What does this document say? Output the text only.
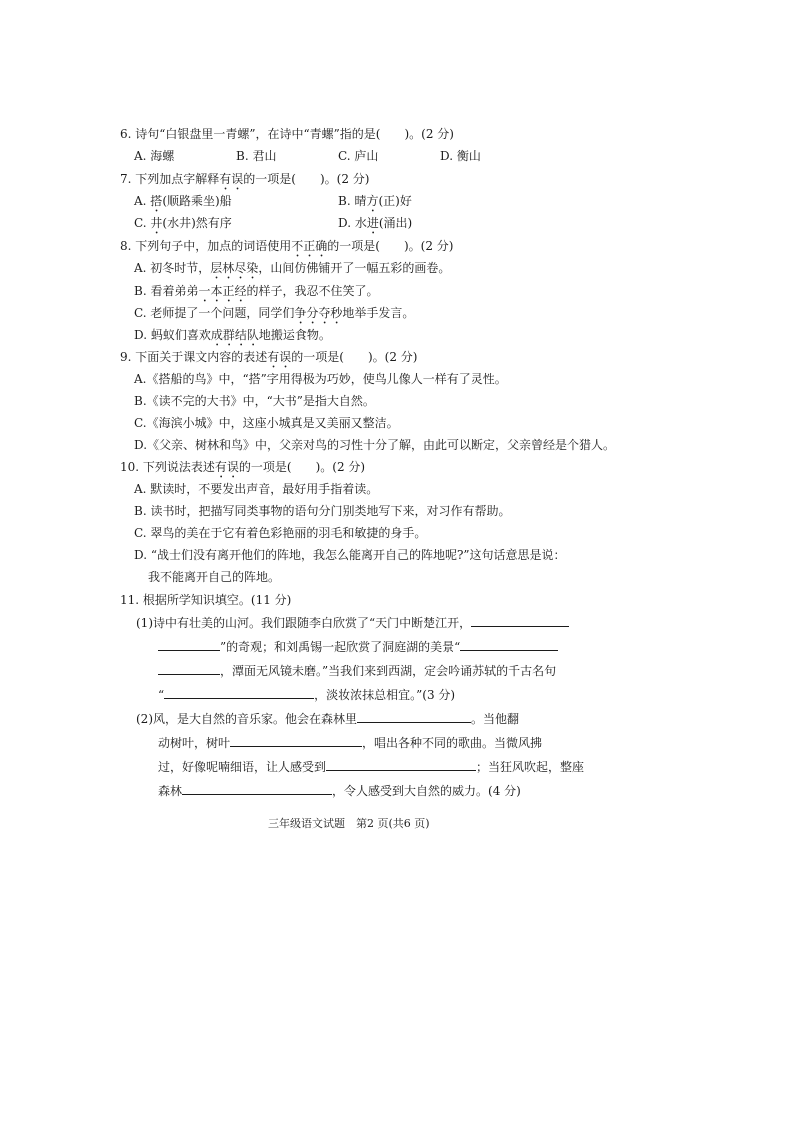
6. 诗句“白银盘里一青螺”，在诗中“青螺”指的是(　　)。(2 分)
A. 海螺	B. 君山	C. 庐山	D. 衡山
7. 下列加点字解释有误的一项是(　　)。(2 分)
A. 搭(顺路乘坐)船	B. 晴方(正)好
C. 井(水井)然有序	D. 水进(涌出)
8. 下列句子中，加点的词语使用不正确的一项是(　　)。(2 分)
A. 初冬时节，层林尽染，山间仿佛铺开了一幅五彩的画卷。
B. 看着弟弟一本正经的样子，我忍不住笑了。
C. 老师提了一个问题，同学们争分夺秒地举手发言。
D. 蚂蚁们喜欢成群结队地搬运食物。
9. 下面关于课文内容的表述有误的一项是(　　)。(2 分)
A.《搭船的鸟》中，“搭”字用得极为巧妙，使鸟儿像人一样有了灵性。
B.《读不完的大书》中，“大书”是指大自然。
C.《海滨小城》中，这座小城真是又美丽又整洁。
D.《父亲、树林和鸟》中，父亲对鸟的习性十分了解，由此可以断定，父亲曾经是个猎人。
10. 下列说法表述有误的一项是(　　)。(2 分)
A. 默读时，不要发出声音，最好用手指着读。
B. 读书时，把描写同类事物的语句分门别类地写下来，对习作有帮助。
C. 翠鸟的美在于它有着色彩艳丽的羽毛和敏捷的身手。
D. “战士们没有离开他们的阵地，我怎么能离开自己的阵地呢?”这句话意思是说：
我不能离开自己的阵地。
11. 根据所学知识填空。(11 分)
(1)诗中有壮美的山河。我们跟随李白欣赏了“天门中断楚江开，
”的奇观；和刘禹锡一起欣赏了洞庭湖的美景“
，潭面无风镜未磨。”当我们来到西湖，定会吟诵苏轼的千古名句
“	，淡妆浓抹总相宜。”(3 分)
(2)风，是大自然的音乐家。他会在森林里	。当他翻
动树叶，树叶	，唱出各种不同的歌曲。当微风拂
过，好像呢喃细语，让人感受到	；当狂风吹起，整座
森林	，令人感受到大自然的威力。(4 分)
三年级语文试题　第2 页(共6 页)
